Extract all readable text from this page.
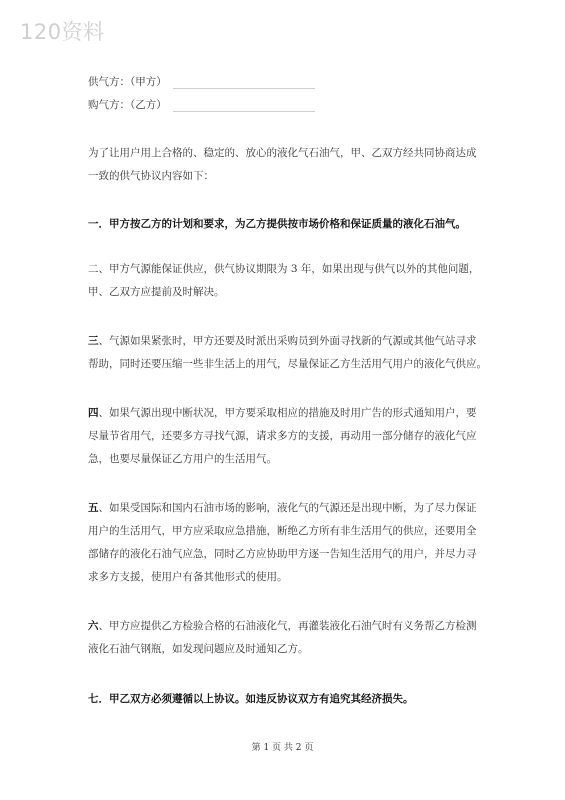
120资料
供气方：（甲方）
购气方：（乙方）
为了让用户用上合格的、稳定的、放心的液化气石油气，甲、乙双方经共同协商达成
一致的供气协议内容如下：
一．甲方按乙方的计划和要求，为乙方提供按市场价格和保证质量的液化石油气。
二、甲方气源能保证供应，供气协议期限为 3 年，如果出现与供气以外的其他问题，
甲、乙双方应提前及时解决。
三、气源如果紧张时，甲方还要及时派出采购员到外面寻找新的气源或其他气站寻求
帮助，同时还要压缩一些非生活上的用气，尽量保证乙方生活用气用户的液化气供应。
四、如果气源出现中断状况，甲方要采取相应的措施及时用广告的形式通知用户，要
尽量节省用气，还要多方寻找气源，请求多方的支援，再动用一部分储存的液化气应
急，也要尽量保证乙方用户的生活用气。
五、如果受国际和国内石油市场的影响，液化气的气源还是出现中断，为了尽力保证
用户的生活用气，甲方应采取应急措施，断绝乙方所有非生活用气的供应，还要用全
部储存的液化石油气应急，同时乙方应协助甲方逐一告知生活用气的用户，并尽力寻
求多方支援，使用户有备其他形式的使用。
六、甲方应提供乙方检验合格的石油液化气，再灌装液化石油气时有义务帮乙方检测
液化石油气钢瓶，如发现问题应及时通知乙方。
七．甲乙双方必须遵循以上协议。如违反协议双方有追究其经济损失。
第 1 页 共 2 页
